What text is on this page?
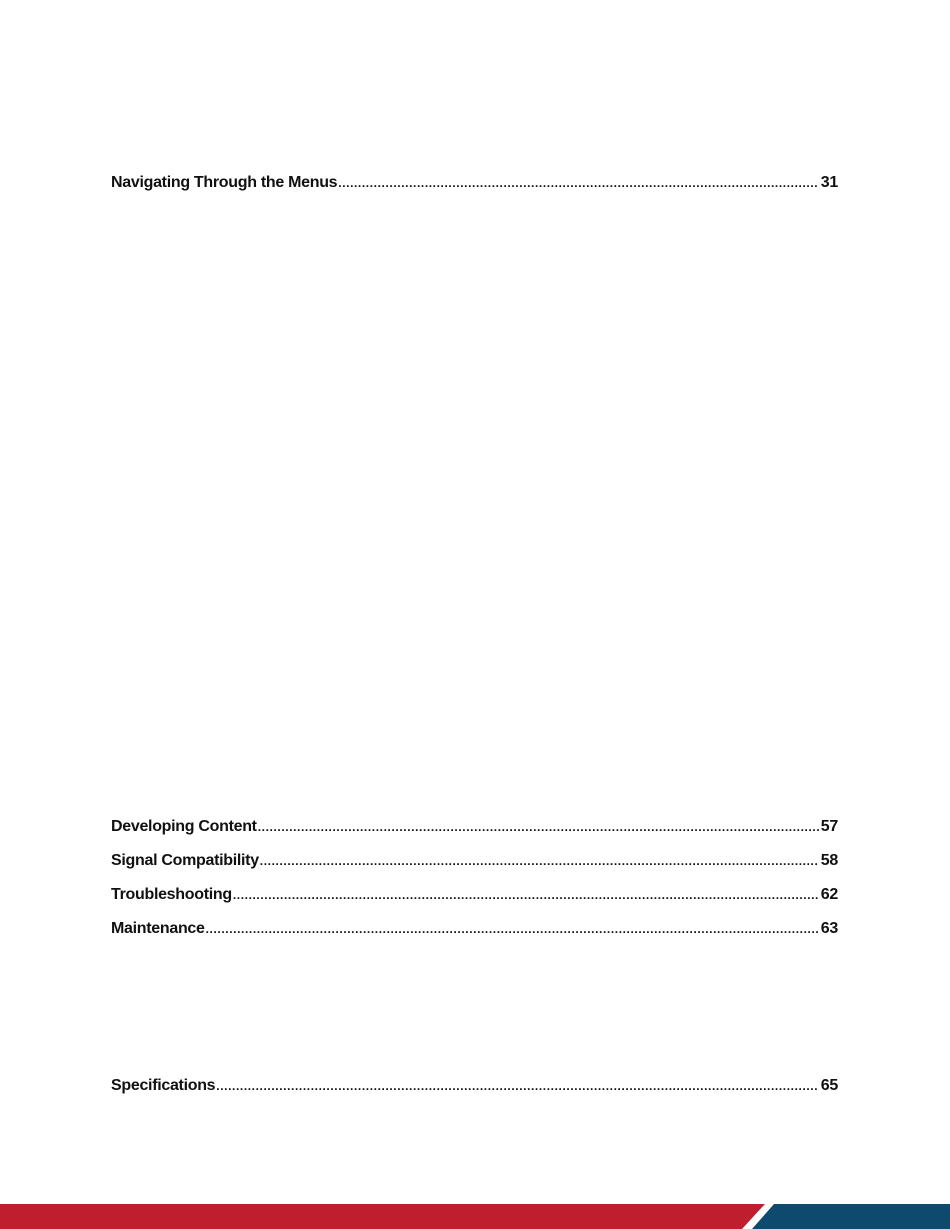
Navigating Through the Menus .....	31
Developing Content .....	57
Signal Compatibility .....	58
Troubleshooting .....	62
Maintenance .....	63
Specifications .....	65
